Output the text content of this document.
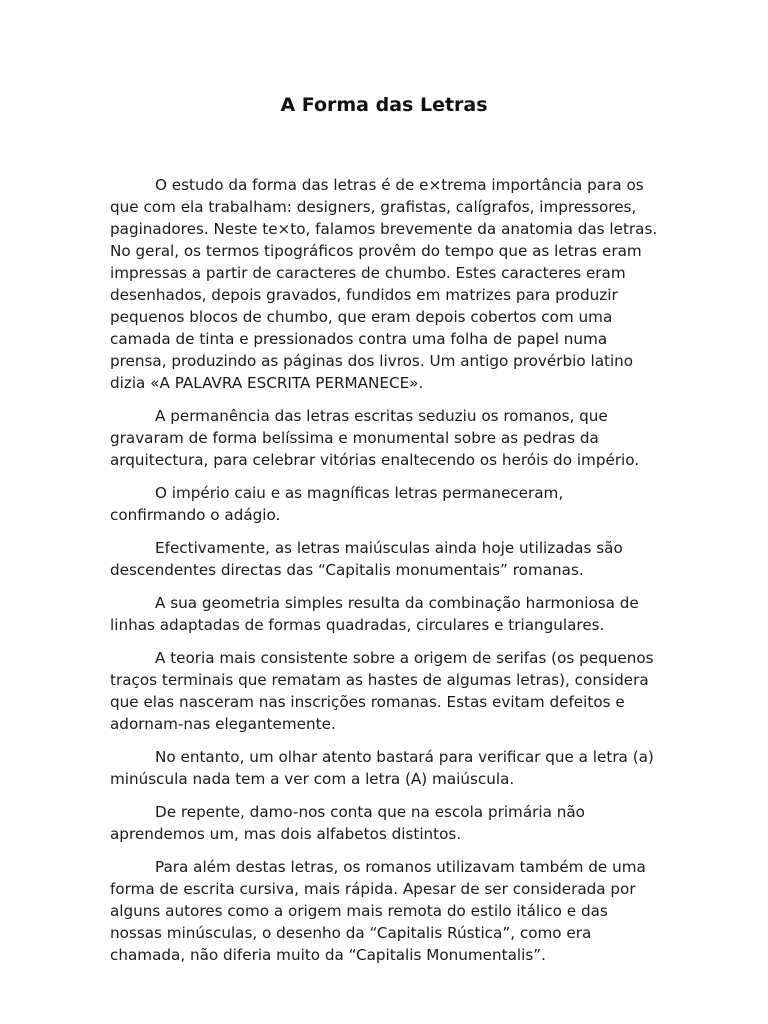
A Forma das Letras

O estudo da forma das letras é de e×trema importância para os que com ela trabalham: designers, grafistas, calígrafos, impressores, paginadores. Neste te×to, falamos brevemente da anatomia das letras. No geral, os termos tipográficos provêm do tempo que as letras eram impressas a partir de caracteres de chumbo. Estes caracteres eram desenhados, depois gravados, fundidos em matrizes para produzir pequenos blocos de chumbo, que eram depois cobertos com uma camada de tinta e pressionados contra uma folha de papel numa prensa, produzindo as páginas dos livros. Um antigo provérbio latino dizia «A PALAVRA ESCRITA PERMANECE».

A permanência das letras escritas seduziu os romanos, que gravaram de forma belíssima e monumental sobre as pedras da arquitectura, para celebrar vitórias enaltecendo os heróis do império.

O império caiu e as magníficas letras permaneceram, confirmando o adágio.

Efectivamente, as letras maiúsculas ainda hoje utilizadas são descendentes directas das “Capitalis monumentais” romanas.

A sua geometria simples resulta da combinação harmoniosa de linhas adaptadas de formas quadradas, circulares e triangulares.

A teoria mais consistente sobre a origem de serifas (os pequenos traços terminais que rematam as hastes de algumas letras), considera que elas nasceram nas inscrições romanas. Estas evitam defeitos e adornam-nas elegantemente.

No entanto, um olhar atento bastará para verificar que a letra (a) minúscula nada tem a ver com a letra (A) maiúscula.

De repente, damo-nos conta que na escola primária não aprendemos um, mas dois alfabetos distintos.

Para além destas letras, os romanos utilizavam também de uma forma de escrita cursiva, mais rápida. Apesar de ser considerada por alguns autores como a origem mais remota do estilo itálico e das nossas minúsculas, o desenho da “Capitalis Rústica”, como era chamada, não diferia muito da “Capitalis Monumentalis”.
